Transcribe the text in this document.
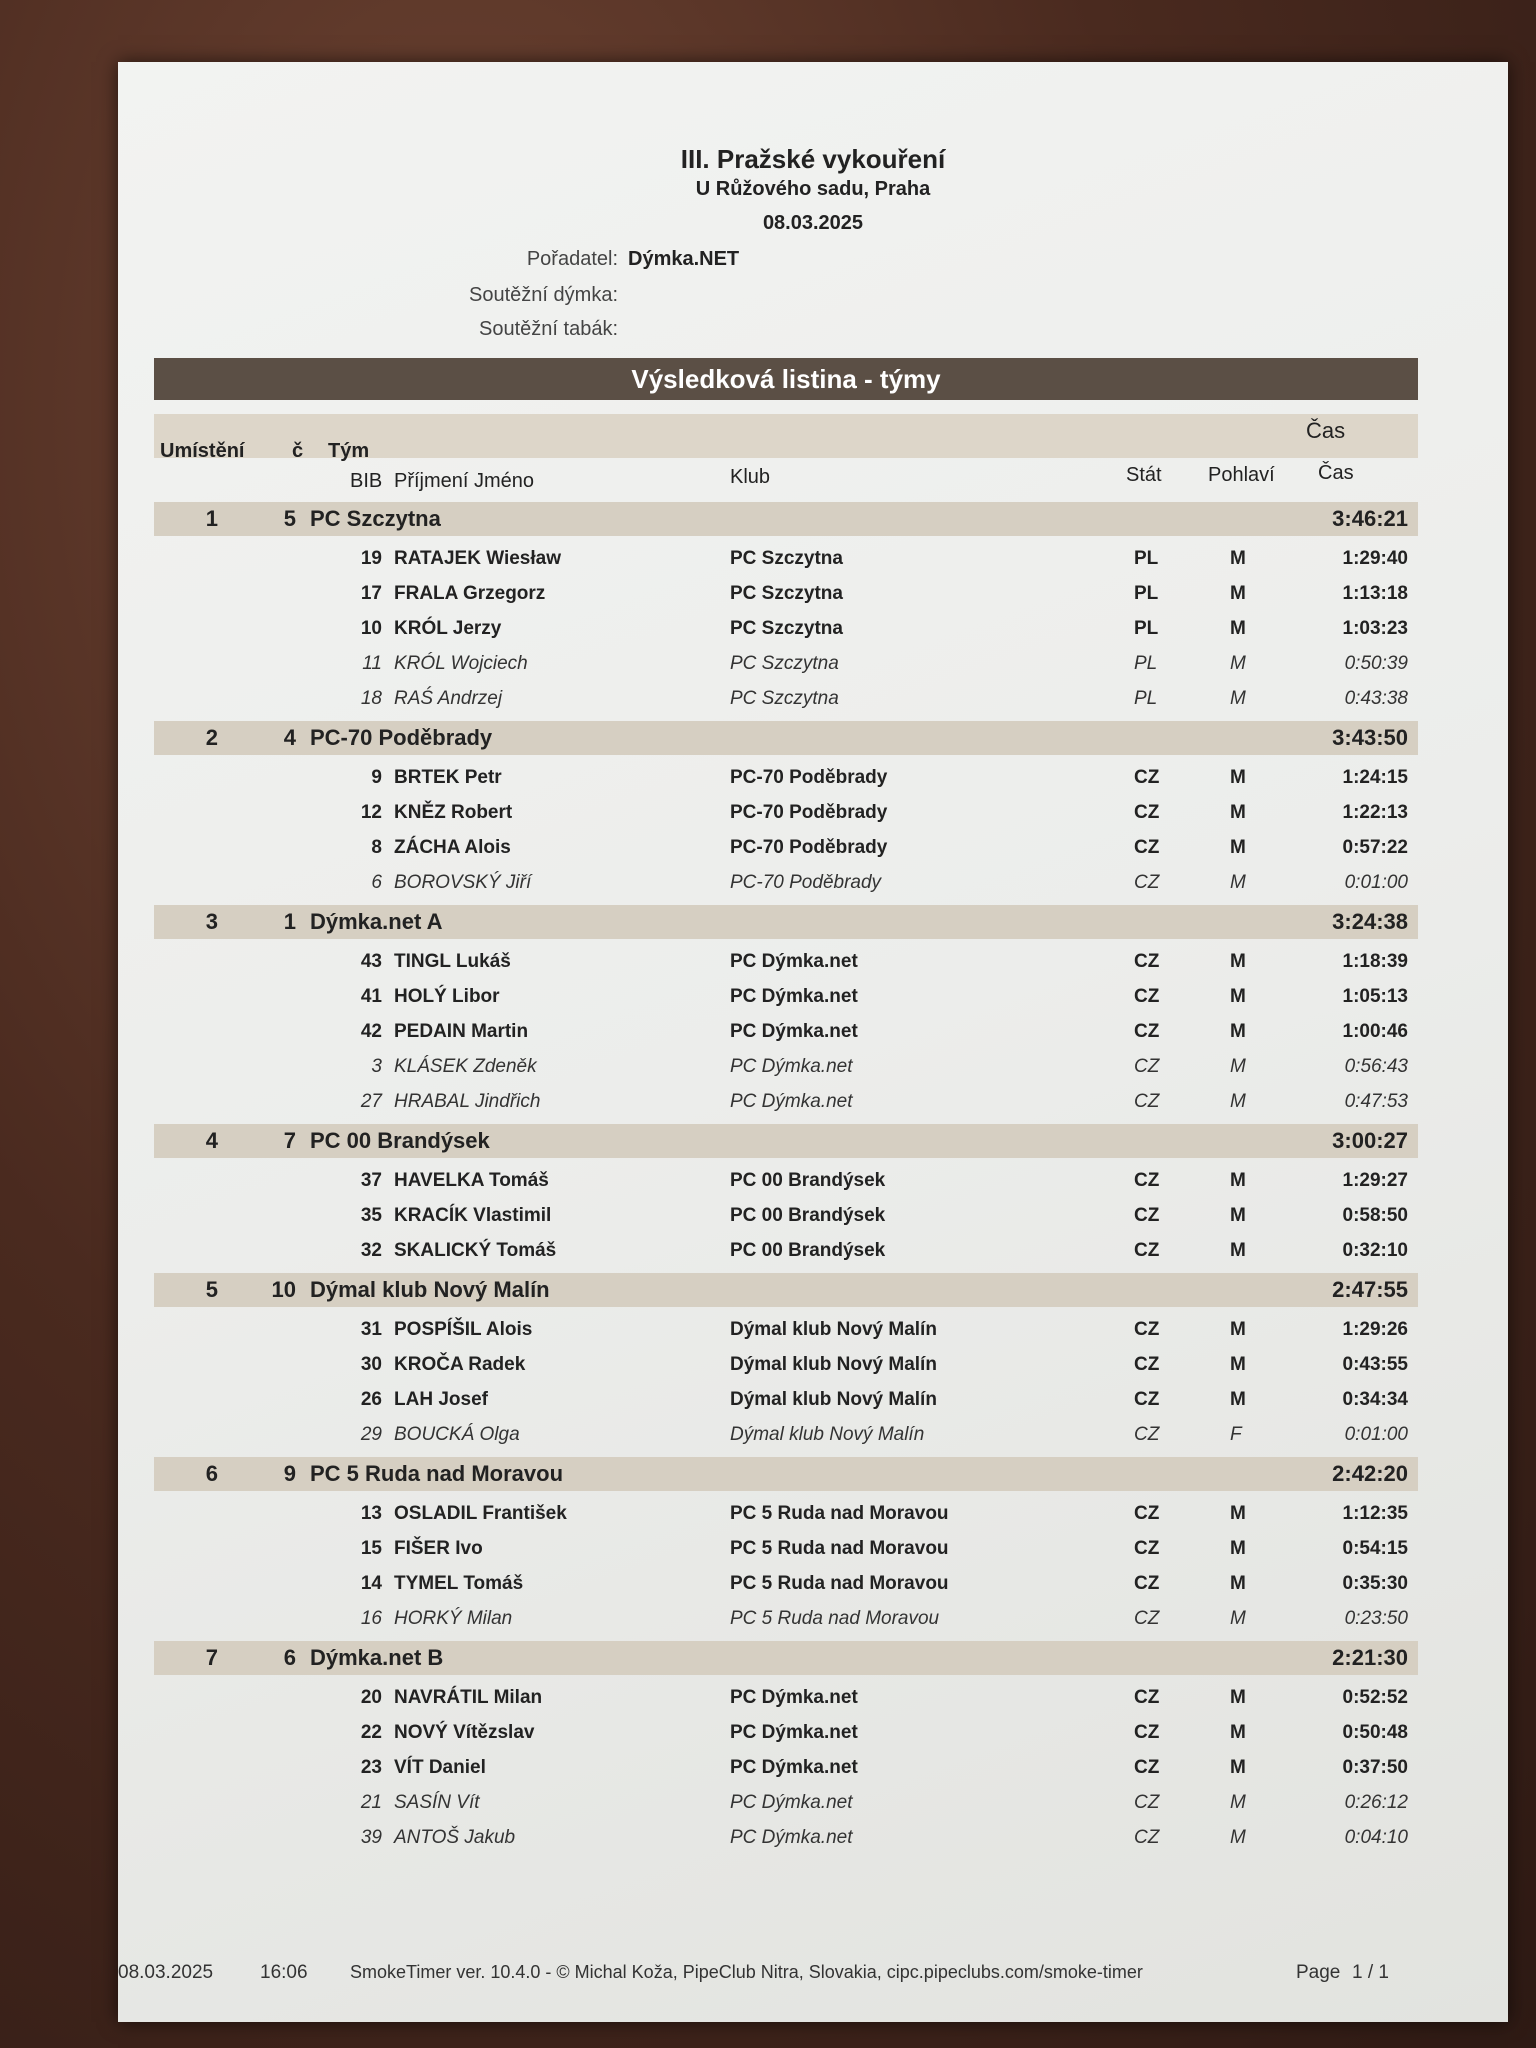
III. Pražské vykouření
U Růžového sadu, Praha
08.03.2025
Pořadatel: Dýmka.NET
Soutěžní dýmka:
Soutěžní tabák:
Výsledková listina - týmy
Umístění č Tým
Čas
BIB Příjmení Jméno	Klub	Stát Pohlaví Čas
1	5 PC Szczytna	3:46:21
19 RATAJEK Wiesław	PC Szczytna	PL	M	1:29:40
17 FRALA Grzegorz	PC Szczytna	PL	M	1:13:18
10 KRÓL Jerzy	PC Szczytna	PL	M	1:03:23
11 KRÓL Wojciech	PC Szczytna	PL	M	0:50:39
18 RAŚ Andrzej	PC Szczytna	PL	M	0:43:38
2	4 PC-70 Poděbrady	3:43:50
9 BRTEK Petr	PC-70 Poděbrady	CZ	M	1:24:15
12 KNĚZ Robert	PC-70 Poděbrady	CZ	M	1:22:13
8 ZÁCHA Alois	PC-70 Poděbrady	CZ	M	0:57:22
6 BOROVSKÝ Jiří	PC-70 Poděbrady	CZ	M	0:01:00
3	1 Dýmka.net A	3:24:38
43 TINGL Lukáš	PC Dýmka.net	CZ	M	1:18:39
41 HOLÝ Libor	PC Dýmka.net	CZ	M	1:05:13
42 PEDAIN Martin	PC Dýmka.net	CZ	M	1:00:46
3 KLÁSEK Zdeněk	PC Dýmka.net	CZ	M	0:56:43
27 HRABAL Jindřich	PC Dýmka.net	CZ	M	0:47:53
4	7 PC 00 Brandýsek	3:00:27
37 HAVELKA Tomáš	PC 00 Brandýsek	CZ	M	1:29:27
35 KRACÍK Vlastimil	PC 00 Brandýsek	CZ	M	0:58:50
32 SKALICKÝ Tomáš	PC 00 Brandýsek	CZ	M	0:32:10
5	10 Dýmal klub Nový Malín	2:47:55
31 POSPÍŠIL Alois	Dýmal klub Nový Malín	CZ	M	1:29:26
30 KROČA Radek	Dýmal klub Nový Malín	CZ	M	0:43:55
26 LAH Josef	Dýmal klub Nový Malín	CZ	M	0:34:34
29 BOUCKÁ Olga	Dýmal klub Nový Malín	CZ	F	0:01:00
6	9 PC 5 Ruda nad Moravou	2:42:20
13 OSLADIL František	PC 5 Ruda nad Moravou	CZ	M	1:12:35
15 FIŠER Ivo	PC 5 Ruda nad Moravou	CZ	M	0:54:15
14 TYMEL Tomáš	PC 5 Ruda nad Moravou	CZ	M	0:35:30
16 HORKÝ Milan	PC 5 Ruda nad Moravou	CZ	M	0:23:50
7	6 Dýmka.net B	2:21:30
20 NAVRÁTIL Milan	PC Dýmka.net	CZ	M	0:52:52
22 NOVÝ Vítězslav	PC Dýmka.net	CZ	M	0:50:48
23 VÍT Daniel	PC Dýmka.net	CZ	M	0:37:50
21 SASÍN Vít	PC Dýmka.net	CZ	M	0:26:12
39 ANTOŠ Jakub	PC Dýmka.net	CZ	M	0:04:10
08.03.2025 16:06 SmokeTimer ver. 10.4.0 - © Michal Koža, PipeClub Nitra, Slovakia, cipc.pipeclubs.com/smoke-timer	Page 1 / 1
